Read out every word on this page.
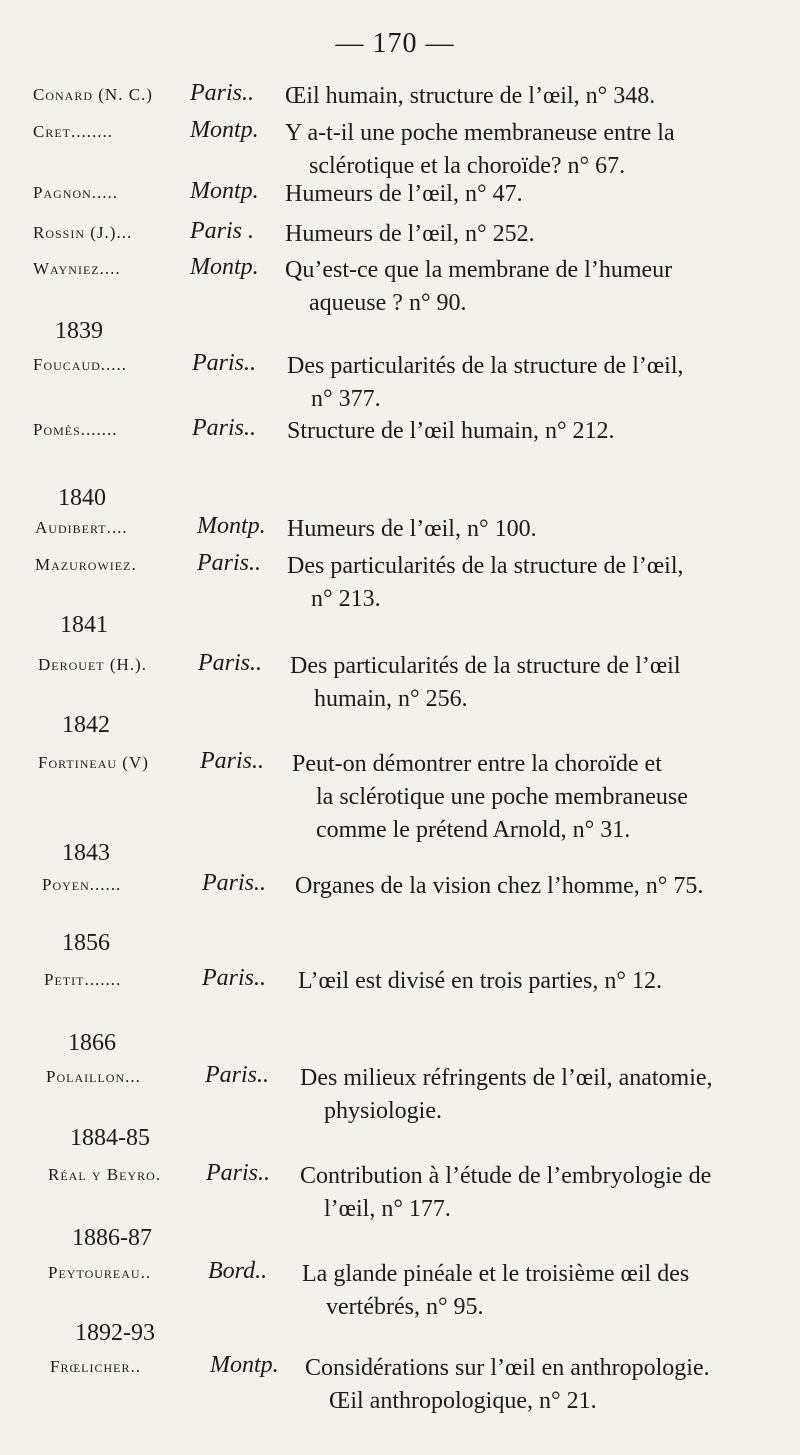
— 170 —
Conard (N. C.) Paris.. Œil humain, structure de l’œil, n° 348.
Cret........	Montp. Y a-t-il une poche membraneuse entre la
sclérotique et la choroïde? n° 67.
Pagnon.....	Montp. Humeurs de l’œil, n° 47.
Rossin (J.)... Paris . Humeurs de l’œil, n° 252.
Wayniez....	Montp. Qu’est-ce que la membrane de l’humeur
aqueuse ? n° 90.
1839
Foucaud.....	Paris.. Des particularités de la structure de l’œil,
n° 377.
Pomès.......	Paris.. Structure de l’œil humain, n° 212.
1840
Audibert....	Montp. Humeurs de l’œil, n° 100.
Mazurowiez.	Paris.. Des particularités de la structure de l’œil,
n° 213.
1841
Derouet (H.). Paris.. Des particularités de la structure de l’œil
humain, n° 256.
1842
Fortineau (V) Paris.. Peut-on démontrer entre la choroïde et
la sclérotique une poche membraneuse
comme le prétend Arnold, n° 31.
1843
Poyen......	Paris.. Organes de la vision chez l’homme, n° 75.
1856
Petit.......	Paris.. L’œil est divisé en trois parties, n° 12.
1866
Polaillon...	Paris.. Des milieux réfringents de l’œil, anatomie,
physiologie.
1884-85
Réal y Beyro. Paris.. Contribution à l’étude de l’embryologie de
l’œil, n° 177.
1886-87
Peytoureau.. Bord.. La glande pinéale et le troisième œil des
vertébrés, n° 95.
1892-93
Frœlicher..	Montp. Considérations sur l’œil en anthropologie.
Œil anthropologique, n° 21.
